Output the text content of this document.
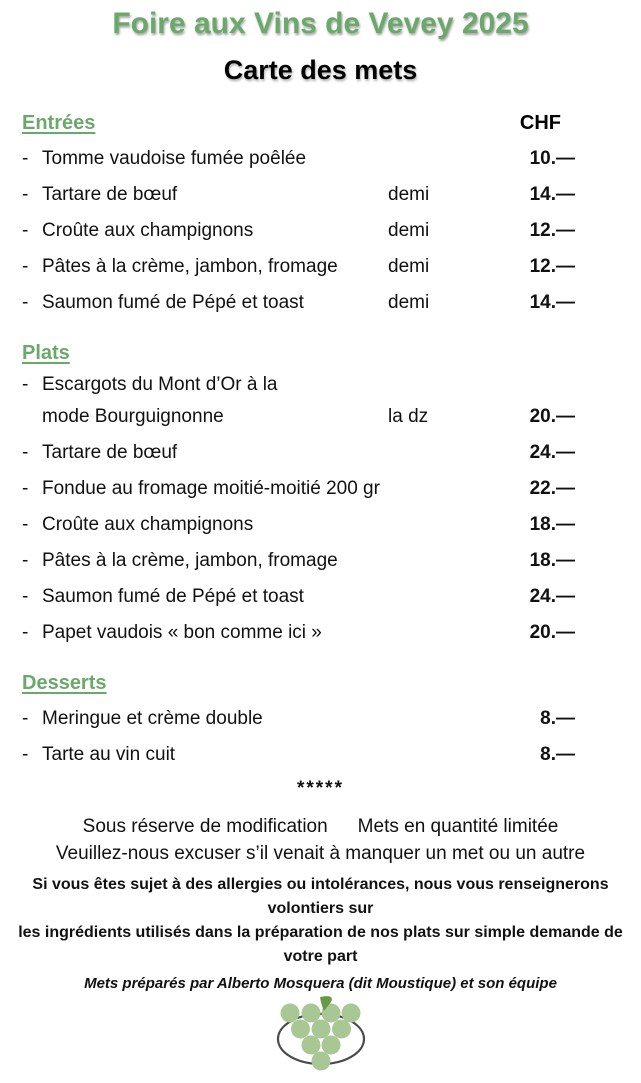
Foire aux Vins de Vevey 2025
Carte des mets
Entrées	CHF
- Tomme vaudoise fumée poêlée	10.—
- Tartare de bœuf	demi	14.—
- Croûte aux champignons	demi	12.—
- Pâtes à la crème, jambon, fromage	demi	12.—
- Saumon fumé de Pépé et toast	demi	14.—
Plats
- Escargots du Mont d’Or à la
mode Bourguignonne	la dz	20.—
- Tartare de bœuf	24.—
- Fondue au fromage moitié-moitié 200 gr	22.—
- Croûte aux champignons	18.—
- Pâtes à la crème, jambon, fromage	18.—
- Saumon fumé de Pépé et toast	24.—
- Papet vaudois « bon comme ici »	20.—
Desserts
- Meringue et crème double	8.—
- Tarte au vin cuit	8.—
*****
Sous réserve de modification Mets en quantité limitée
Veuillez-nous excuser s’il venait à manquer un met ou un autre
Si vous êtes sujet à des allergies ou intolérances, nous vous renseignerons volontiers sur
les ingrédients utilisés dans la préparation de nos plats sur simple demande de votre part
Mets préparés par Alberto Mosquera (dit Moustique) et son équipe
